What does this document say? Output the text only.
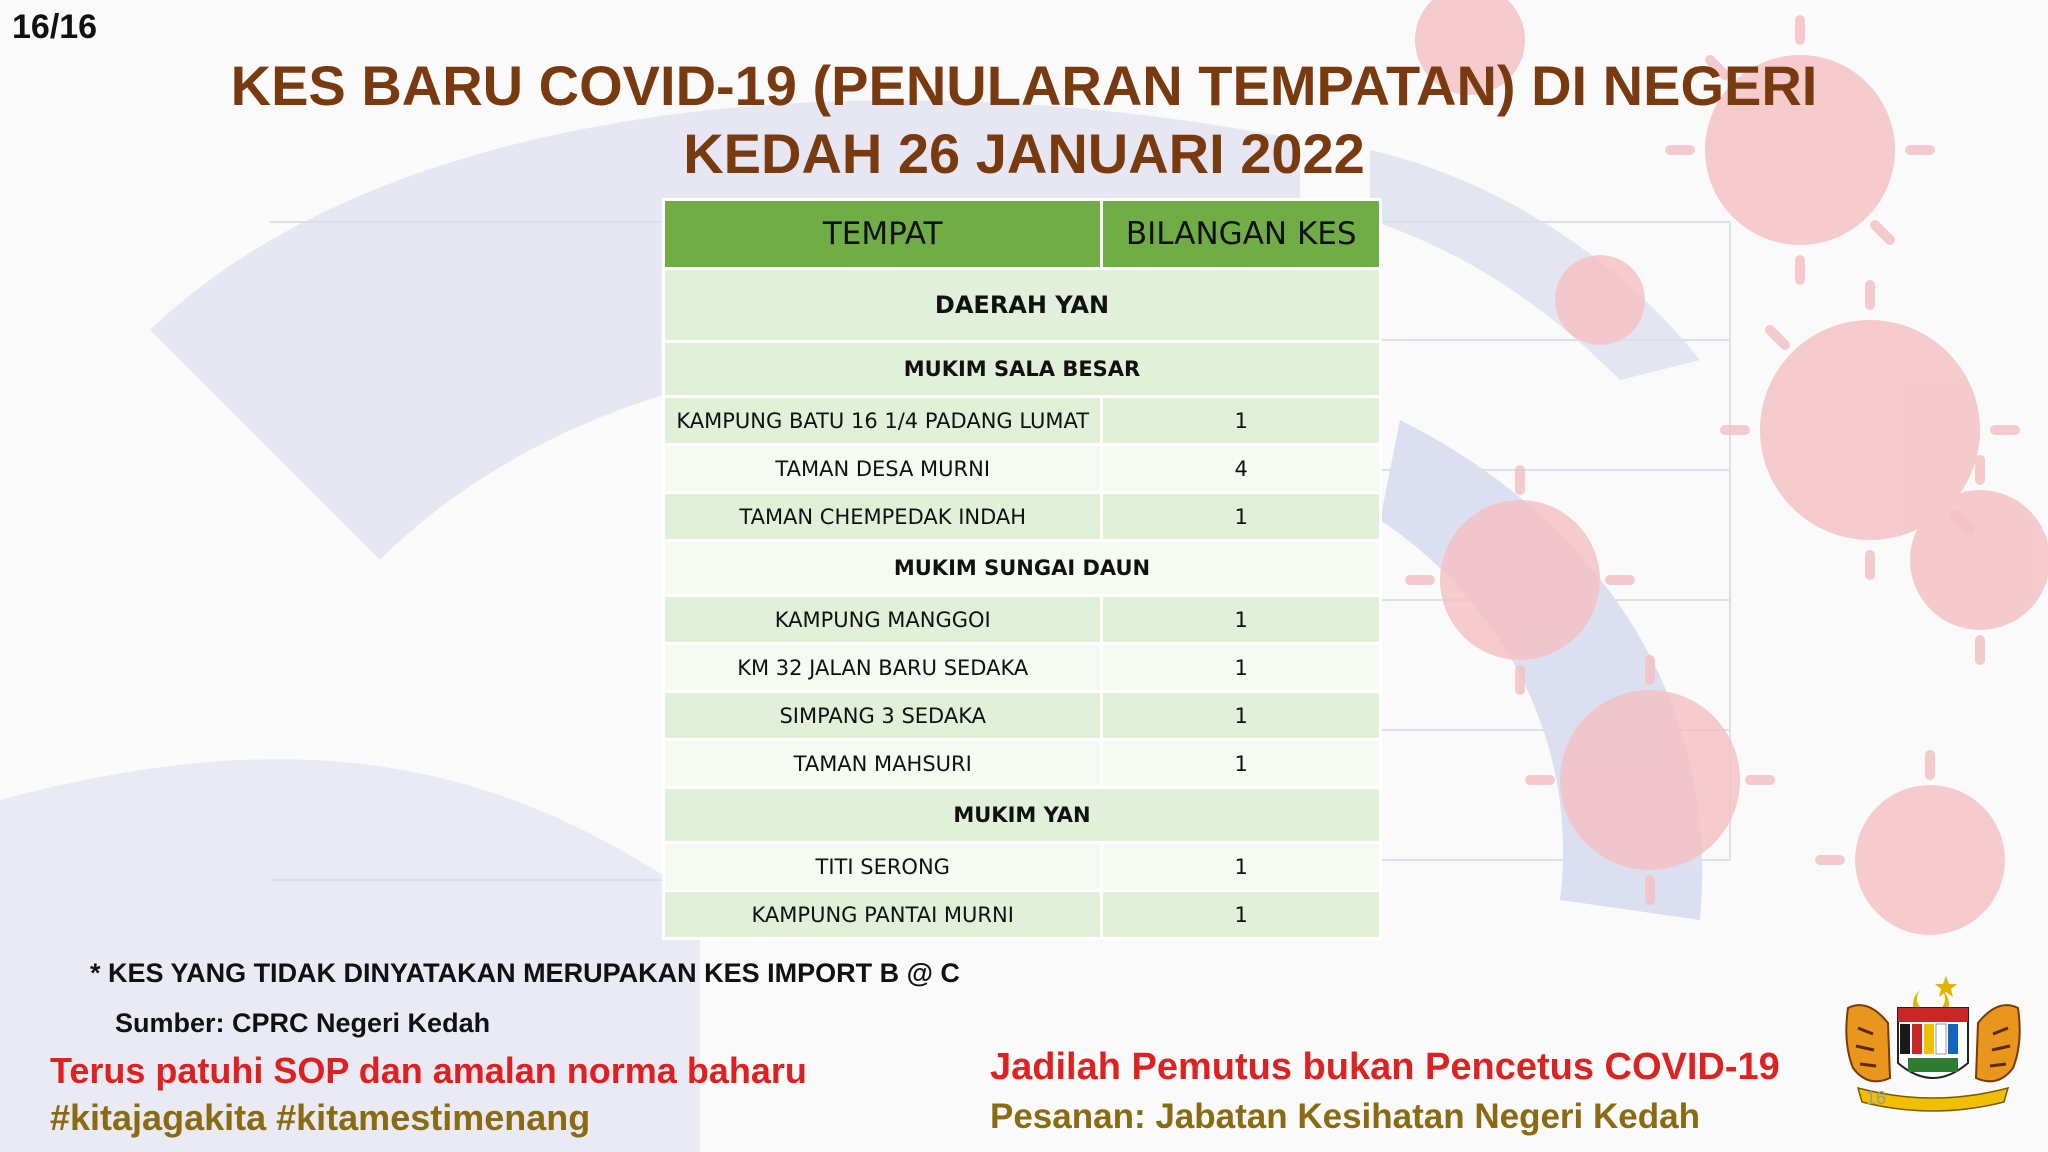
16/16
KES BARU COVID-19 (PENULARAN TEMPATAN) DI NEGERI
KEDAH 26 JANUARI 2022
TEMPAT	BILANGAN KES
DAERAH YAN	
MUKIM SALA BESAR	
KAMPUNG BATU 16 1/4 PADANG LUMAT	1
TAMAN DESA MURNI	4
TAMAN CHEMPEDAK INDAH	1
MUKIM SUNGAI DAUN	
KAMPUNG MANGGOI	1
KM 32 JALAN BARU SEDAKA	1
SIMPANG 3 SEDAKA	1
TAMAN MAHSURI	1
MUKIM YAN	
TITI SERONG	1
KAMPUNG PANTAI MURNI	1
* KES YANG TIDAK DINYATAKAN MERUPAKAN KES IMPORT B @ C
Sumber: CPRC Negeri Kedah
Terus patuhi SOP dan amalan norma baharu
#kitajagakita #kitamestimenang
Jadilah Pemutus bukan Pencetus COVID-19
Pesanan: Jabatan Kesihatan Negeri Kedah	16
